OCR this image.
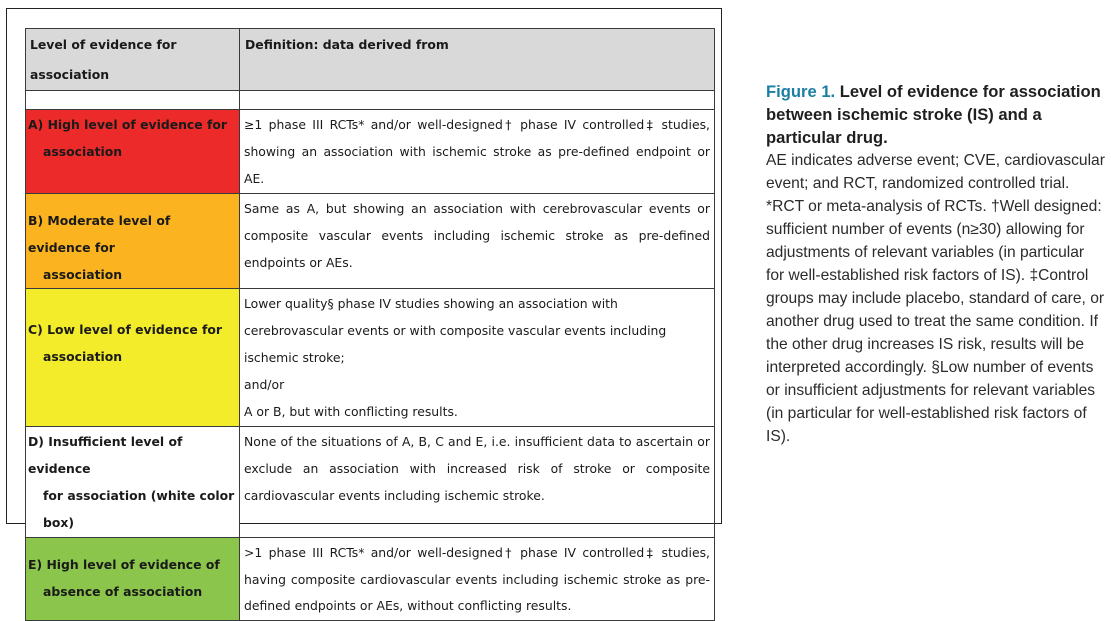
Level of evidence for association	Definition: data derived from

A) High level of evidence for
association	≥1 phase III RCTs* and/or well-designed† phase IV controlled‡ studies, showing an association with ischemic stroke as pre-defined endpoint or AE.

B) Moderate level of evidence for
association	Same as A, but showing an association with cerebrovascular events or composite vascular events including ischemic stroke as pre-defined endpoints or AEs.

C) Low level of evidence for
association	Lower quality§ phase IV studies showing an association with cerebrovascular events or with composite vascular events including ischemic stroke;
and/or
A or B, but with conflicting results.

D) Insufficient level of evidence
for association (white color
box)	None of the situations of A, B, C and E, i.e. insufficient data to ascertain or exclude an association with increased risk of stroke or composite cardiovascular events including ischemic stroke.

E) High level of evidence of
absence of association	>1 phase III RCTs* and/or well-designed† phase IV controlled‡ studies, having composite cardiovascular events including ischemic stroke as pre-defined endpoints or AEs, without conflicting results.
Figure 1. Level of evidence for association between ischemic stroke (IS) and a particular drug.
AE indicates adverse event; CVE, cardiovascular event; and RCT, randomized controlled trial. *RCT or meta-analysis of RCTs. †Well designed: sufficient number of events (n≥30) allowing for adjustments of relevant variables (in particular for well-established risk factors of IS). ‡Control groups may include placebo, standard of care, or another drug used to treat the same condition. If the other drug increases IS risk, results will be interpreted accordingly. §Low number of events or insufficient adjustments for relevant variables (in particular for well-established risk factors of IS).
